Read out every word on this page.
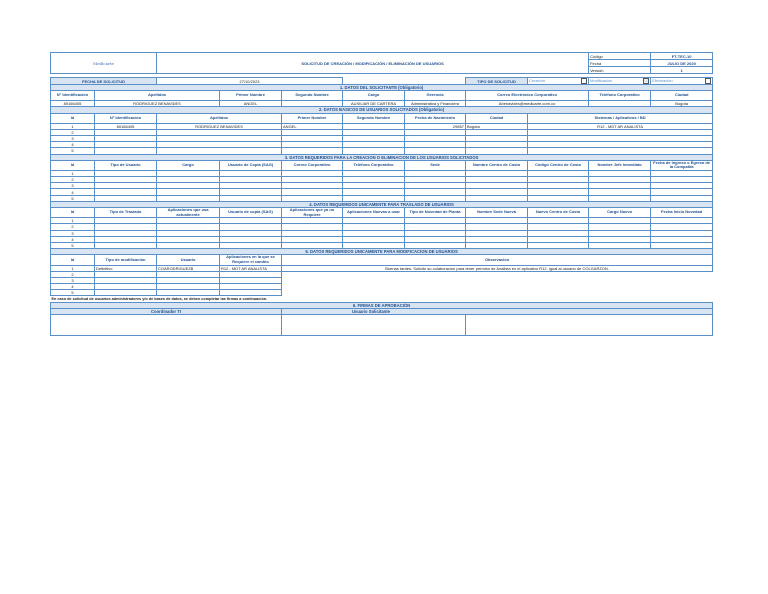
Medicarte		SOLICITUD DE CREACIÓN / MODIFICACIÓN / ELIMINACIÓN DE USUARIOS							Código	FT-TEC-10
									Fecha	JULIO DE 2020
									Versión	1

FECHA DE SOLICITUD		27/10/2023					TIPO DE SOLICITUD	Creación	Modificación ☑	Eliminación

1. DATOS DEL SOLICITANTE (Obligatorio)										
N° Identificación	Apellidos		Primer Nombre	Segundo Nombre	Cargo	Gerencia	Correo Electrónico Corporativo		Teléfono Corporativo	Ciudad
80166405	RODRIGUEZ BENAVIDES		ANGEL		AUXILIAR DE CARTERA	Administrativa y Financiera	Abenavides@medicarte.com.co			Bogota
2. DATOS BASICOS DE USUARIOS SOLICITADOS (Obligatorio)										
Id	N° Identificación	Apellidos		Primer Nombre	Segundo Nombre	Fecha de Nacimiento	Ciudad	Sistemas / Aplicativos / BD		
1	80166405	RODRIGUEZ BENAVIDES		ANGEL		29857	Bogota	R12 - MDT AR ANALISTA		
2										
3										
4										
5										
3. DATOS REQUERIDOS PARA LA CREACION O ELIMINACION DE LOS USUARIOS SOLICITADOS										
Id	Tipo de Usuario	Cargo	Usuario de Copia (SAG)	Correo Corporativo	Teléfono Corporativo	Sede	Nombre Centro de Costo	Código Centro de Costo	Nombre Jefe Inmediato	Fecha de Ingreso o Egreso de la Compañía
1										
2										
3										
4										
5										
4. DATOS REQUERIDOS UNICAMENTE PARA TRASLADO DE USUARIOS										
Id	Tipo de Traslado	Aplicaciones que usa actualmente	Usuario de copia (SAG)	Aplicaciones que ya no Requiere	Aplicaciones Nuevas a usar	Tipo de Novedad de Planta	Nombre Sede Nueva	Nuevo Centro de Costo	Cargo Nuevo	Fecha Inicio Novedad
1										
2										
3										
4										
5										
5. DATOS REQUERIDOS UNICAMENTE PARA MODIFICACION DE USUARIOS										
Id	Tipo de modificación	Usuario	Aplicaciones en la que se Requiere el cambio	Observación						
1	Definitivo	COARODRIGUEZB	R12 - MDT AR ANALISTA	Buenas tardes: Solicito su colaboracion para tener permiso de Analista en el aplicativo R12, igual al usuario de COLGARZON.						
2										
3										
4										
5										
En caso de solicitud de usuarios administradores y/o de bases de datos, se deben completar las firmas a continuación.										
6. FIRMAS DE APROBACIÓN										
Coordinador TI				Usuario Solicitante						
